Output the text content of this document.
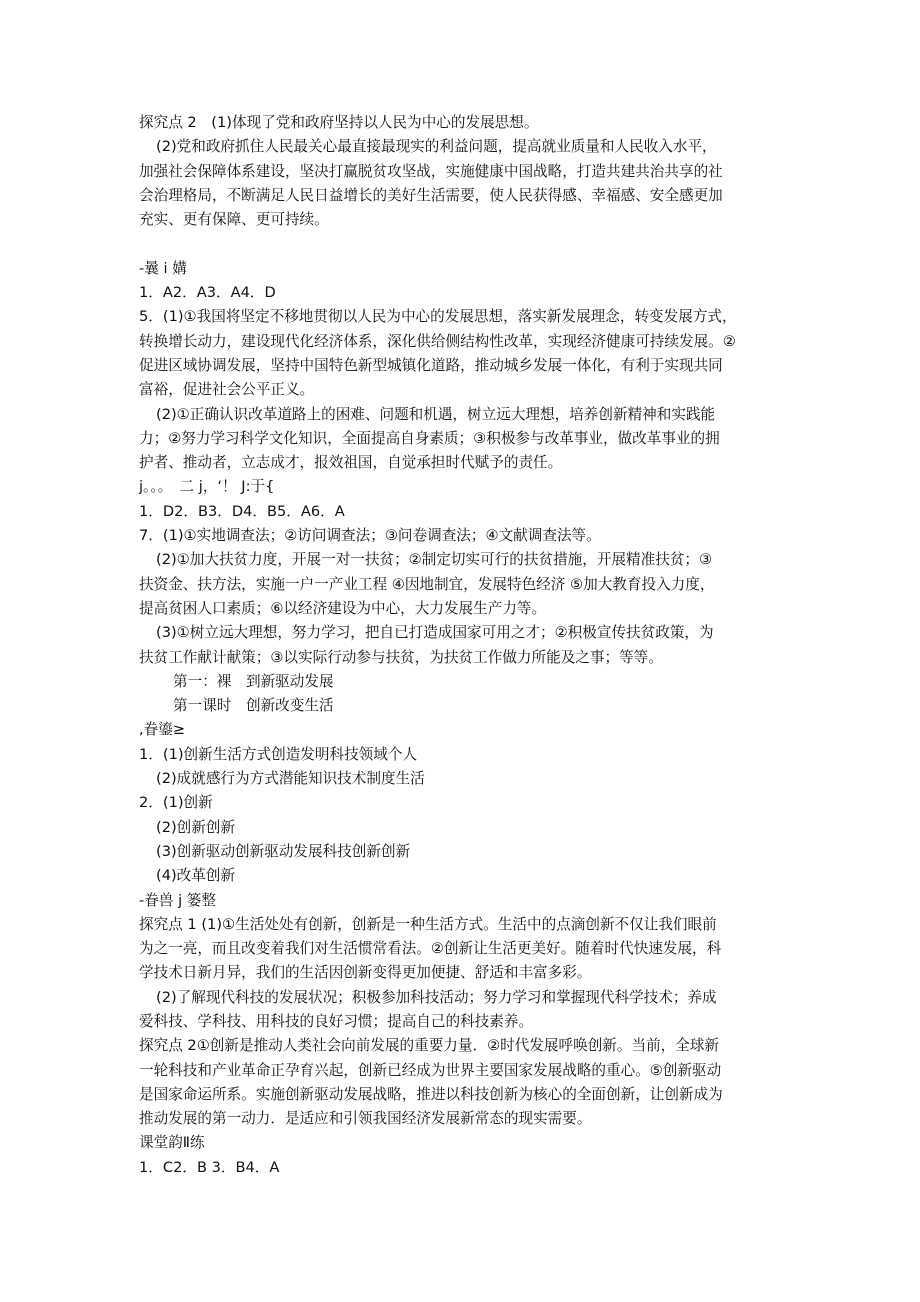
探究点 2　(1)体现了党和政府坚持以人民为中心的发展思想。
(2)党和政府抓住人民最关心最直接最现实的利益问题，提高就业质量和人民收入水平，
加强社会保障体系建设，坚决打赢脱贫攻坚战，实施健康中国战略，打造共建共治共享的社
会治理格局，不断满足人民日益增长的美好生活需要，使人民获得感、幸福感、安全感更加
充实、更有保障、更可持续。
-曩 i 媾
1．A2．A3．A4．D
5．(1)①我国将坚定不移地贯彻以人民为中心的发展思想，落实新发展理念，转变发展方式，
转换增长动力，建设现代化经济体系，深化供给侧结构性改革，实现经济健康可持续发展。②
促进区域协调发展，坚持中国特色新型城镇化道路，推动城乡发展一体化，有利于实现共同
富裕，促进社会公平正义。
(2)①正确认识改革道路上的困难、问题和机遇，树立远大理想，培养创新精神和实践能
力；②努力学习科学文化知识，全面提高自身素质；③积极参与改革事业，做改革事业的拥
护者、推动者，立志成才，报效祖国，自觉承担时代赋予的责任。
j。。。　二 j，‘！ J:于{
1．D2．B3．D4．B5．A6．A
7．(1)①实地调查法；②访问调查法；③问卷调查法；④文献调查法等。
(2)①加大扶贫力度，开展一对一扶贫；②制定切实可行的扶贫措施，开展精准扶贫；③
扶资金、扶方法，实施一户一产业工程 ④因地制宜，发展特色经济 ⑤加大教育投入力度，
提高贫困人口素质；⑥以经济建设为中心，大力发展生产力等。
(3)①树立远大理想，努力学习，把自已打造成国家可用之才；②积极宣传扶贫政策，为
扶贫工作献计献策；③以实际行动参与扶贫，为扶贫工作做力所能及之事；等等。
第一：裸　到新驱动发展
第一课时　创新改变生活
,眷鎏≥
1．(1)创新生活方式创造发明科技领域个人
(2)成就感行为方式潜能知识技术制度生活
2．(1)创新
(2)创新创新
(3)创新驱动创新驱动发展科技创新创新
(4)改革创新
-眷兽 j 篓整
探究点 1 (1)①生活处处有创新，创新是一种生活方式。生活中的点滴创新不仅让我们眼前
为之一亮，而且改变着我们对生活惯常看法。②创新让生活更美好。随着时代快速发展，科
学技术日新月异，我们的生活因创新变得更加便捷、舒适和丰富多彩。
(2)了解现代科技的发展状况；积极参加科技活动；努力学习和掌握现代科学技术；养成
爱科技、学科技、用科技的良好习惯；提高自己的科技素养。
探究点 2①创新是推动人类社会向前发展的重要力量．②时代发展呼唤创新。当前，全球新
一轮科技和产业革命正孕育兴起，创新已经成为世界主要国家发展战略的重心。⑤创新驱动
是国家命运所系。实施创新驱动发展战略，推进以科技创新为核心的全面创新，让创新成为
推动发展的第一动力．是适应和引领我国经济发展新常态的现实需要。
课堂韵Ⅱ练
1．C2．B 3．B4．A
